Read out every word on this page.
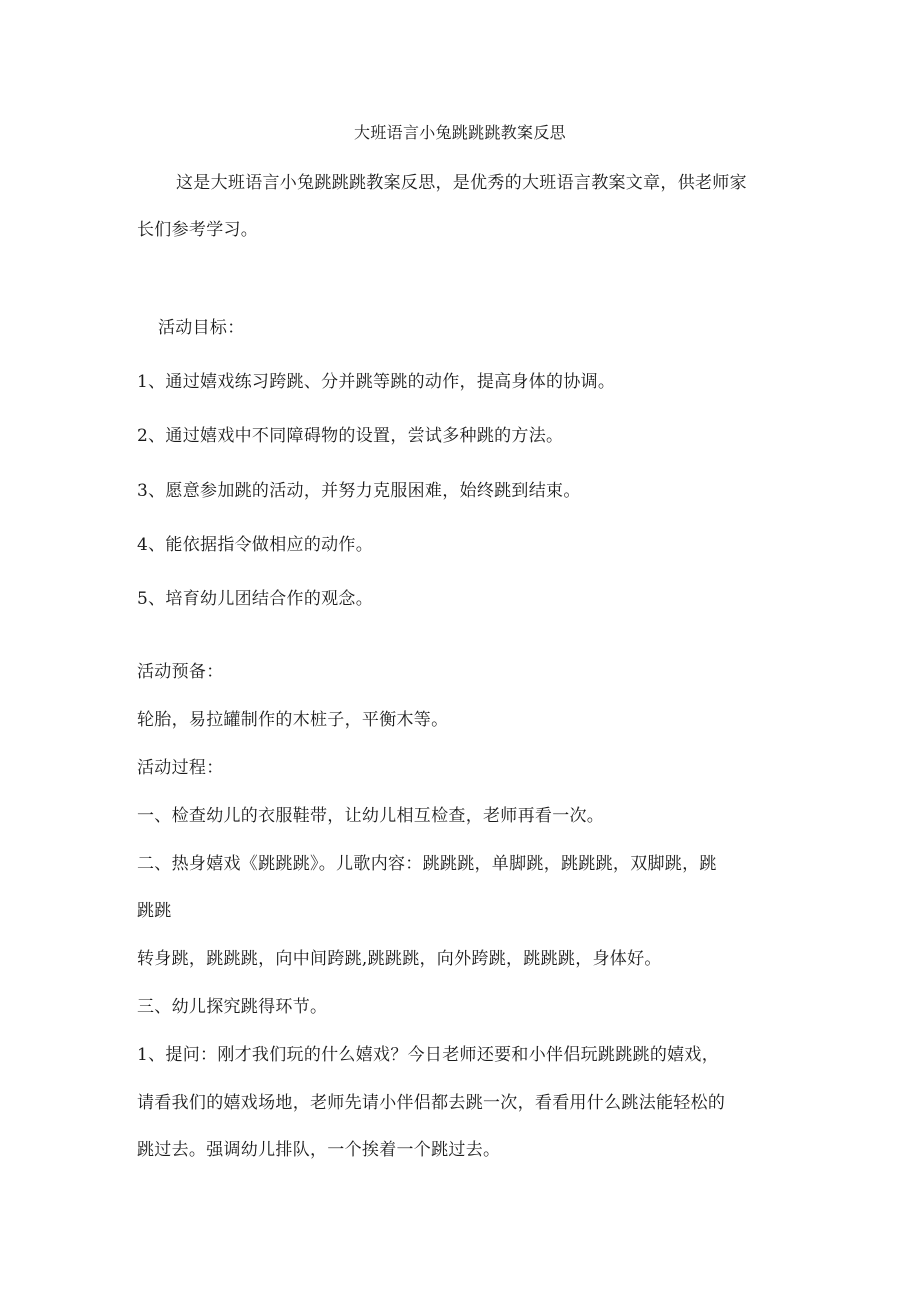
大班语言小兔跳跳跳教案反思
这是大班语言小兔跳跳跳教案反思，是优秀的大班语言教案文章，供老师家
长们参考学习。
活动目标：
1、通过嬉戏练习跨跳、分并跳等跳的动作，提高身体的协调。
2、通过嬉戏中不同障碍物的设置，尝试多种跳的方法。
3、愿意参加跳的活动，并努力克服困难，始终跳到结束。
4、能依据指令做相应的动作。
5、培育幼儿团结合作的观念。
活动预备：
轮胎，易拉罐制作的木桩子，平衡木等。
活动过程：
一、检查幼儿的衣服鞋带，让幼儿相互检查，老师再看一次。
二、热身嬉戏《跳跳跳》。儿歌内容：跳跳跳，单脚跳，跳跳跳，双脚跳，跳
跳跳
转身跳，跳跳跳，向中间跨跳,跳跳跳，向外跨跳，跳跳跳，身体好。
三、幼儿探究跳得环节。
1、提问：刚才我们玩的什么嬉戏？今日老师还要和小伴侣玩跳跳跳的嬉戏，
请看我们的嬉戏场地，老师先请小伴侣都去跳一次，看看用什么跳法能轻松的
跳过去。强调幼儿排队，一个挨着一个跳过去。
